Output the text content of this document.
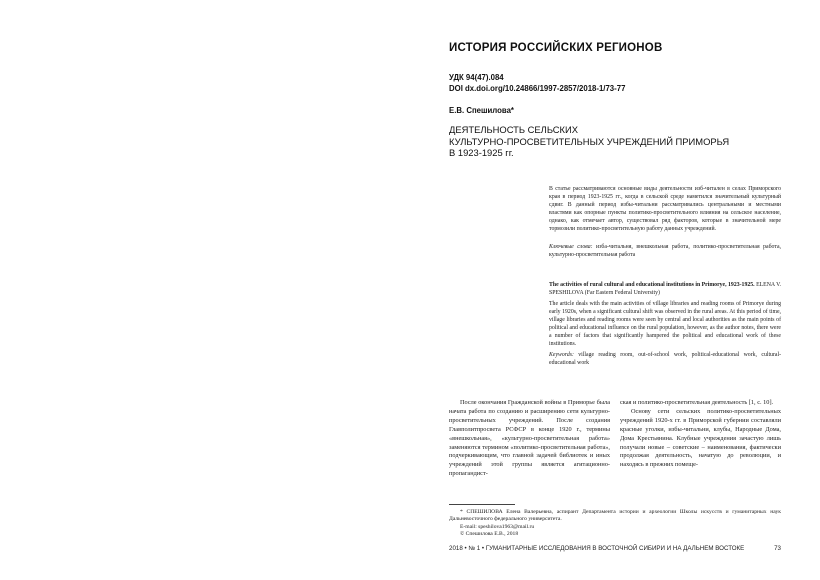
ИСТОРИЯ РОССИЙСКИХ РЕГИОНОВ
УДК 94(47).084
DOI dx.doi.org/10.24866/1997-2857/2018-1/73-77
Е.В. Спешилова*
ДЕЯТЕЛЬНОСТЬ СЕЛЬСКИХ
КУЛЬТУРНО-ПРОСВЕТИТЕЛЬНЫХ УЧРЕЖДЕНИЙ ПРИМОРЬЯ
В 1923-1925 гг.

В статье рассматриваются основные виды деятельности изб-читален в селах Приморского края в период 1923-1925 гг., когда в сельской среде наметился значительный культурный сдвиг. В данный период избы-читальни рассматривались центральными и местными властями как опорные пункты политико-просветительного влияния на сельское население, однако, как отмечает автор, существовал ряд факторов, которые в значительной мере тормозили политико-просветительную работу данных учреждений.

Ключевые слова: изба-читальня, внешкольная работа, политико-просветительная работа, культурно-просветительная работа

The activities of rural cultural and educational institutions in Primorye, 1923-1925. ELENA V. SPESHILOVA (Far Eastern Federal University)

The article deals with the main activities of village libraries and reading rooms of Primorye during early 1920s, when a significant cultural shift was observed in the rural areas. At this period of time, village libraries and reading rooms were seen by central and local authorities as the main points of political and educational influence on the rural population, however, as the author notes, there were a number of factors that significantly hampered the political and educational work of these institutions.

Keywords: village reading room, out-of-school work, political-educational work, cultural-educational work

После окончания Гражданской войны в Приморье была начата работа по созданию и расширению сети культурно-просветительных учреждений. После создания Главполитпросвета РСФСР в конце 1920 г., термины «внешкольная», «культурно-просветительная работа» заменяются термином «политико-просветительная работа», подчеркивающим, что главной задачей библиотек и иных учреждений этой группы является агитационно-пропагандист-

ская и политико-просветительная деятельность [1, с. 10].

Основу сети сельских политико-просветительных учреждений 1920-х гг. в Приморской губернии составляли красные уголки, избы-читальни, клубы, Народные Дома, Дома Крестьянина. Клубные учреждения зачастую лишь получали новые – советские – наименования, фактически продолжая деятельность, начатую до революции, и находясь в прежних помеще-

* СПЕШИЛОВА Елена Валерьевна, аспирант Департамента истории и археологии Школы искусств и гуманитарных наук Дальневосточного федерального университета.

E-mail: speshilova1963@mail.ru

© Спешилова Е.В., 2018

2018 • № 1 • ГУМАНИТАРНЫЕ ИССЛЕДОВАНИЯ В ВОСТОЧНОЙ СИБИРИ И НА ДАЛЬНЕМ ВОСТОКЕ	73
